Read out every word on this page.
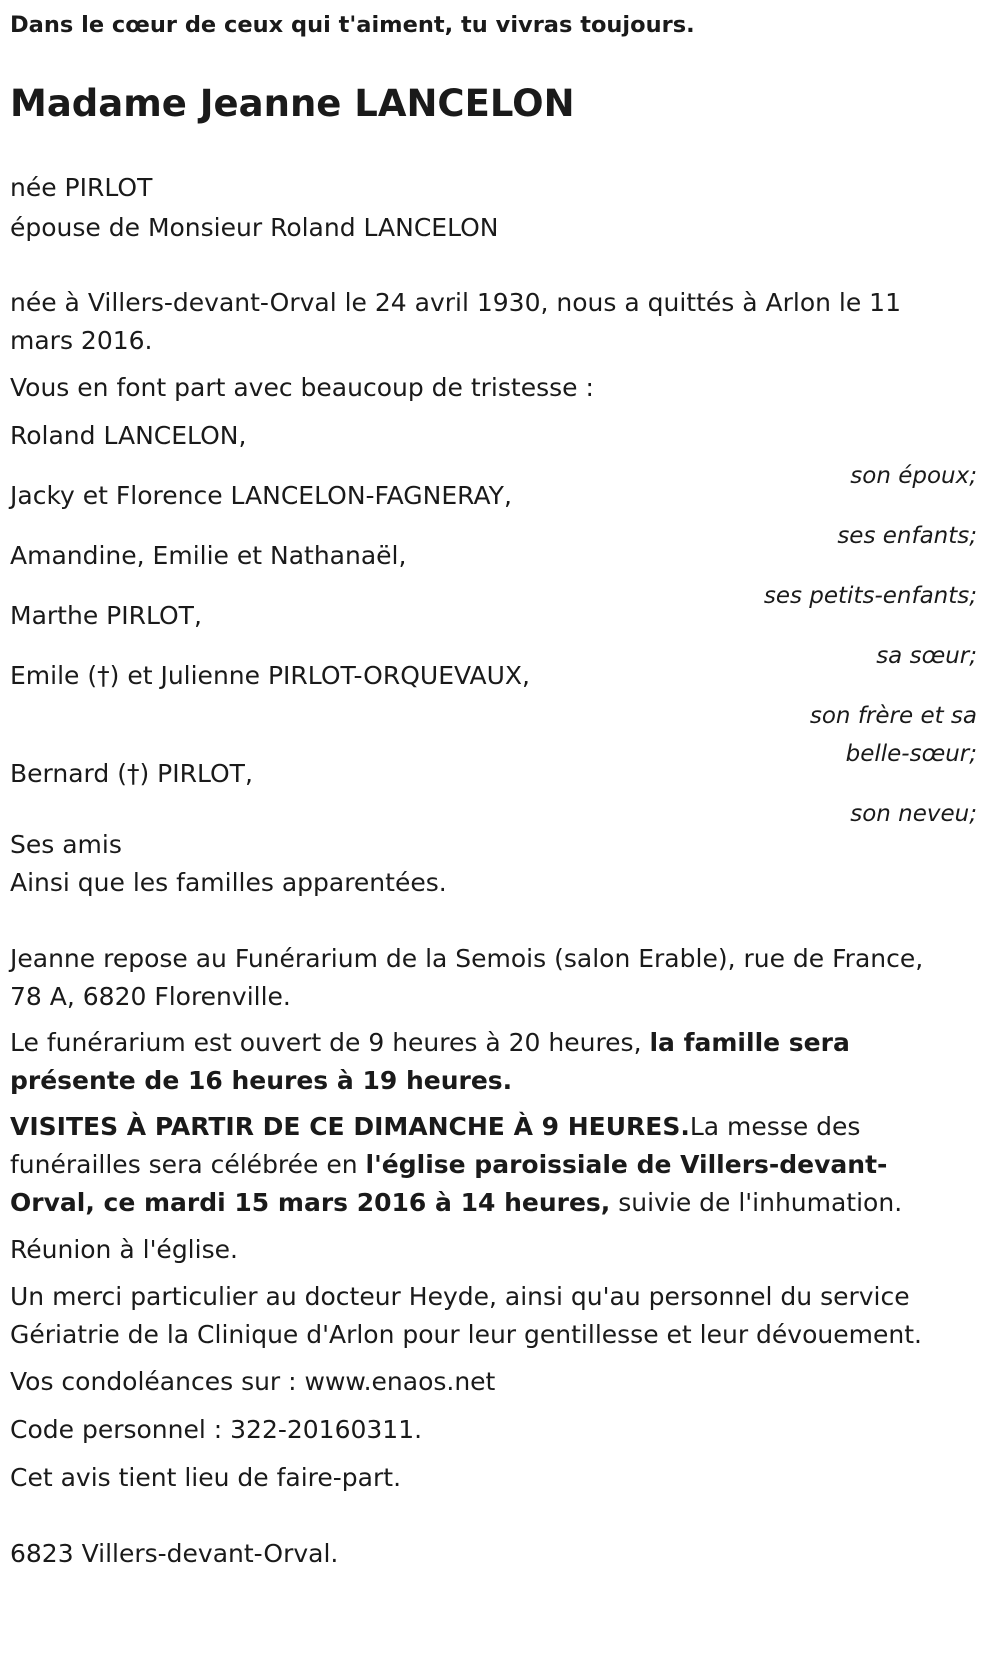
Dans le cœur de ceux qui t'aiment, tu vivras toujours.
Madame Jeanne LANCELON
née PIRLOT
épouse de Monsieur Roland LANCELON
née à Villers-devant-Orval le 24 avril 1930, nous a quittés à Arlon le 11 mars 2016.
Vous en font part avec beaucoup de tristesse :
Roland LANCELON,
son époux;
Jacky et Florence LANCELON-FAGNERAY,
ses enfants;
Amandine, Emilie et Nathanaël,
ses petits-enfants;
Marthe PIRLOT,
sa sœur;
Emile (†) et Julienne PIRLOT-ORQUEVAUX,
son frère et sa
belle-sœur;
Bernard (†) PIRLOT,
son neveu;
Ses amis
Ainsi que les familles apparentées.
Jeanne repose au Funérarium de la Semois (salon Erable), rue de France, 78 A, 6820 Florenville.
Le funérarium est ouvert de 9 heures à 20 heures, la famille sera présente de 16 heures à 19 heures.
VISITES À PARTIR DE CE DIMANCHE À 9 HEURES.La messe des funérailles sera célébrée en l'église paroissiale de Villers-devant-Orval, ce mardi 15 mars 2016 à 14 heures, suivie de l'inhumation.
Réunion à l'église.
Un merci particulier au docteur Heyde, ainsi qu'au personnel du service Gériatrie de la Clinique d'Arlon pour leur gentillesse et leur dévouement.
Vos condoléances sur : www.enaos.net
Code personnel : 322-20160311.
Cet avis tient lieu de faire-part.
6823 Villers-devant-Orval.
